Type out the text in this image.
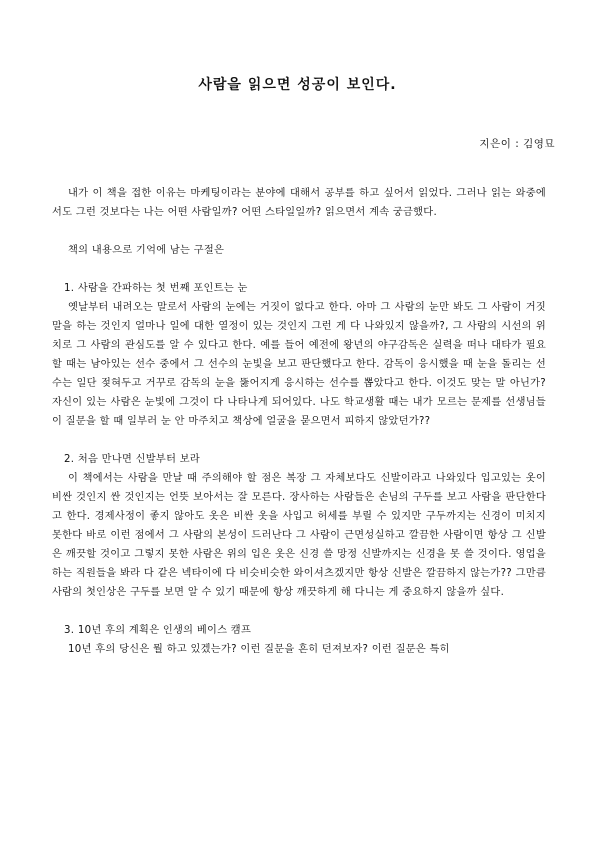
사람을 읽으면 성공이 보인다.
지은이 : 김영묘

내가 이 책을 접한 이유는 마케팅이라는 분야에 대해서 공부를 하고 싶어서 읽었다. 그러나 읽는 와중에서도 그런 것보다는 나는 어떤 사람일까? 어떤 스타일일까? 읽으면서 계속 궁금했다.

책의 내용으로 기억에 남는 구절은

1. 사람을 간파하는 첫 번째 포인트는 눈

옛날부터 내려오는 말로서 사람의 눈에는 거짓이 없다고 한다. 아마 그 사람의 눈만 봐도 그 사람이 거짓말을 하는 것인지 얼마나 일에 대한 열정이 있는 것인지 그런 게 다 나와있지 않을까?, 그 사람의 시선의 위치로 그 사람의 관심도를 알 수 있다고 한다. 예를 들어 예전에 왕년의 야구감독은 실력을 떠나 대타가 필요할 때는 남아있는 선수 중에서 그 선수의 눈빛을 보고 판단했다고 한다. 감독이 응시했을 때 눈을 돌리는 선수는 일단 젖혀두고 거꾸로 감독의 눈을 뚫어지게 응시하는 선수를 뽑았다고 한다. 이것도 맞는 말 아닌가? 자신이 있는 사람은 눈빛에 그것이 다 나타나게 되어있다. 나도 학교생활 때는 내가 모르는 문제를 선생님들이 질문을 할 때 일부러 눈 안 마주치고 책상에 얼굴을 묻으면서 피하지 않았던가??

2. 처음 만나면 신발부터 보라

이 책에서는 사람을 만날 때 주의해야 할 점은 복장 그 자체보다도 신발이라고 나와있다 입고있는 옷이 비싼 것인지 싼 것인지는 언뜻 보아서는 잘 모른다. 장사하는 사람들은 손님의 구두를 보고 사람을 판단한다고 한다. 경제사정이 좋지 않아도 옷은 비싼 옷을 사입고 허세를 부릴 수 있지만 구두까지는 신경이 미치지 못한다 바로 이런 점에서 그 사람의 본성이 드러난다 그 사람이 근면성실하고 깔끔한 사람이면 항상 그 신발은 깨끗할 것이고 그렇지 못한 사람은 위의 입은 옷은 신경 쓸 망정 신발까지는 신경을 못 쓸 것이다. 영업을 하는 직원들을 봐라 다 같은 넥타이에 다 비슷비슷한 와이셔츠겠지만 항상 신발은 깔끔하지 않는가?? 그만큼 사람의 첫인상은 구두를 보면 알 수 있기 때문에 항상 깨끗하게 해 다니는 게 중요하지 않을까 싶다.

3. 10년 후의 계획은 인생의 베이스 캠프

10년 후의 당신은 뭘 하고 있겠는가? 이런 질문을 흔히 던져보자? 이런 질문은 특히
